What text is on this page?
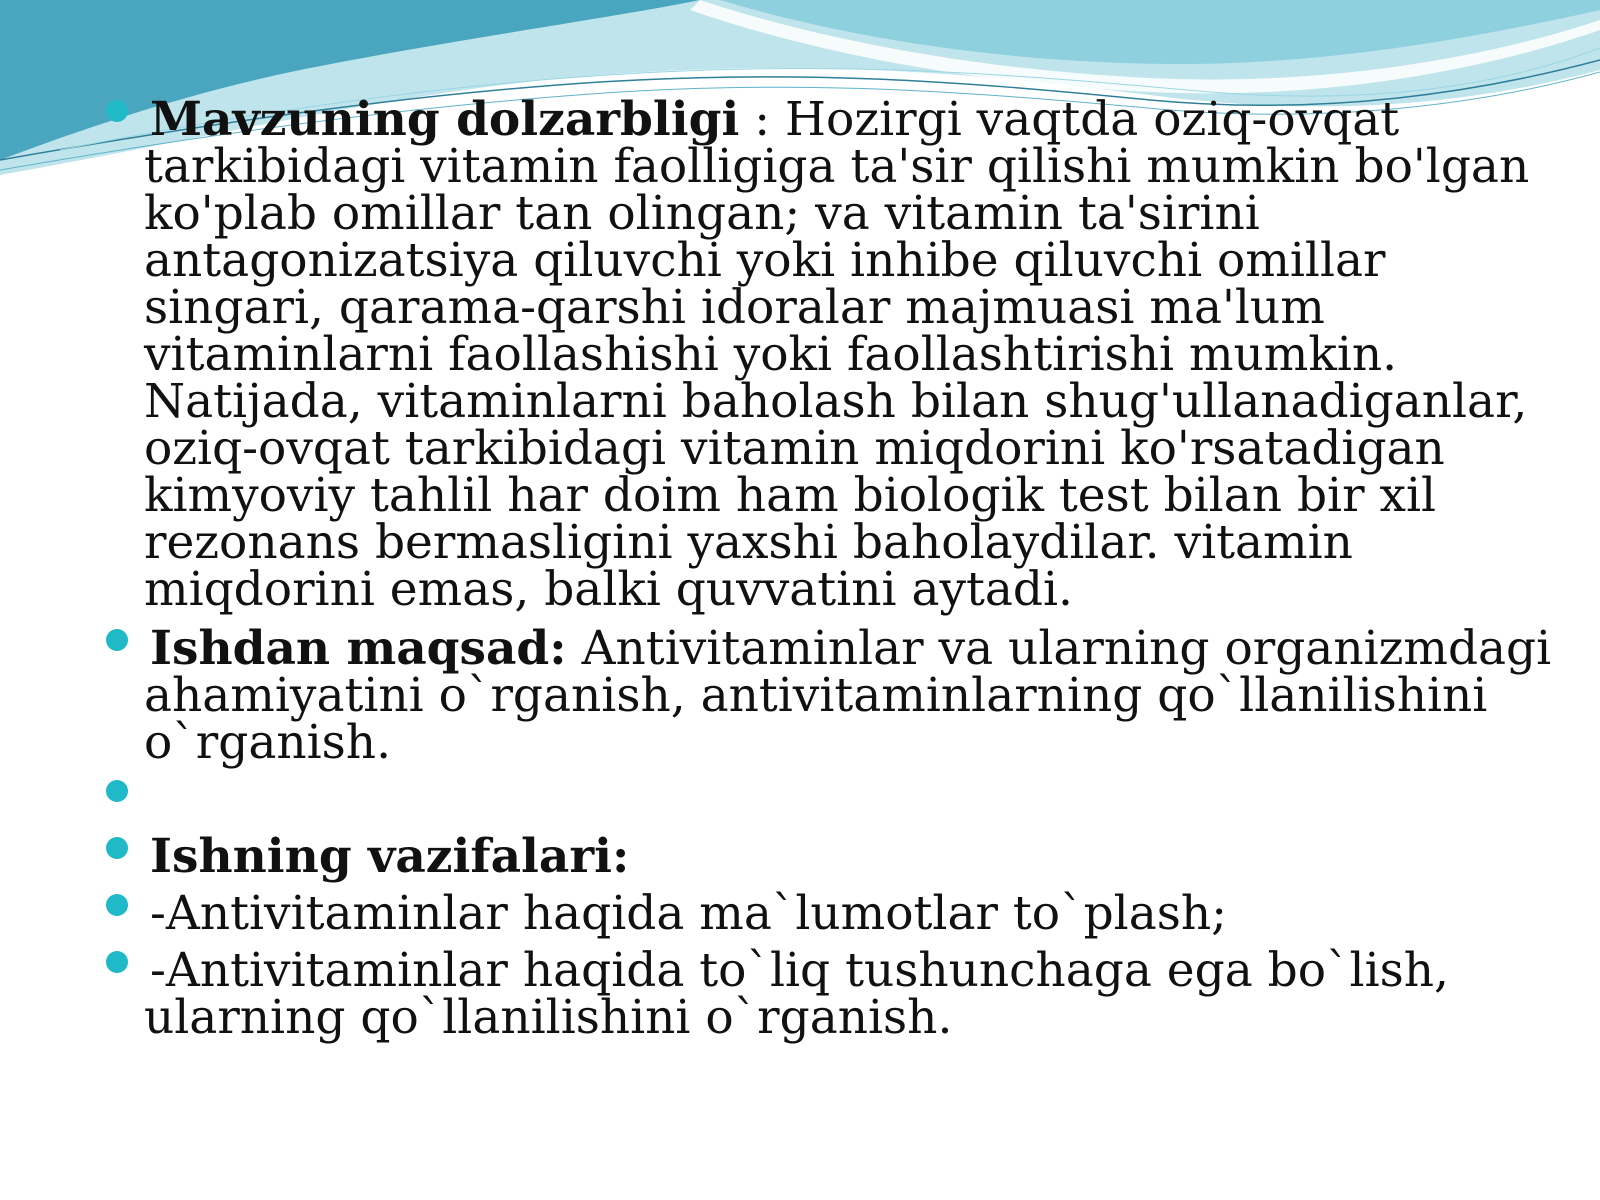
Mavzuning dolzarbligi : Hozirgi vaqtda oziq-ovqat tarkibidagi vitamin faolligiga ta'sir qilishi mumkin bo'lgan ko'plab omillar tan olingan; va vitamin ta'sirini antagonizatsiya qiluvchi yoki inhibe qiluvchi omillar singari, qarama-qarshi idoralar majmuasi ma'lum vitaminlarni faollashishi yoki faollashtirishi mumkin. Natijada, vitaminlarni baholash bilan shug'ullanadiganlar, oziq-ovqat tarkibidagi vitamin miqdorini ko'rsatadigan kimyoviy tahlil har doim ham biologik test bilan bir xil rezonans bermasligini yaxshi baholaydilar. vitamin miqdorini emas, balki quvvatini aytadi.
Ishdan maqsad: Antivitaminlar va ularning organizmdagi ahamiyatini o`rganish, antivitaminlarning qo`llanilishini o`rganish.
Ishning vazifalari:
-Antivitaminlar haqida ma`lumotlar to`plash;
-Antivitaminlar haqida to`liq tushunchaga ega bo`lish, ularning qo`llanilishini o`rganish.
